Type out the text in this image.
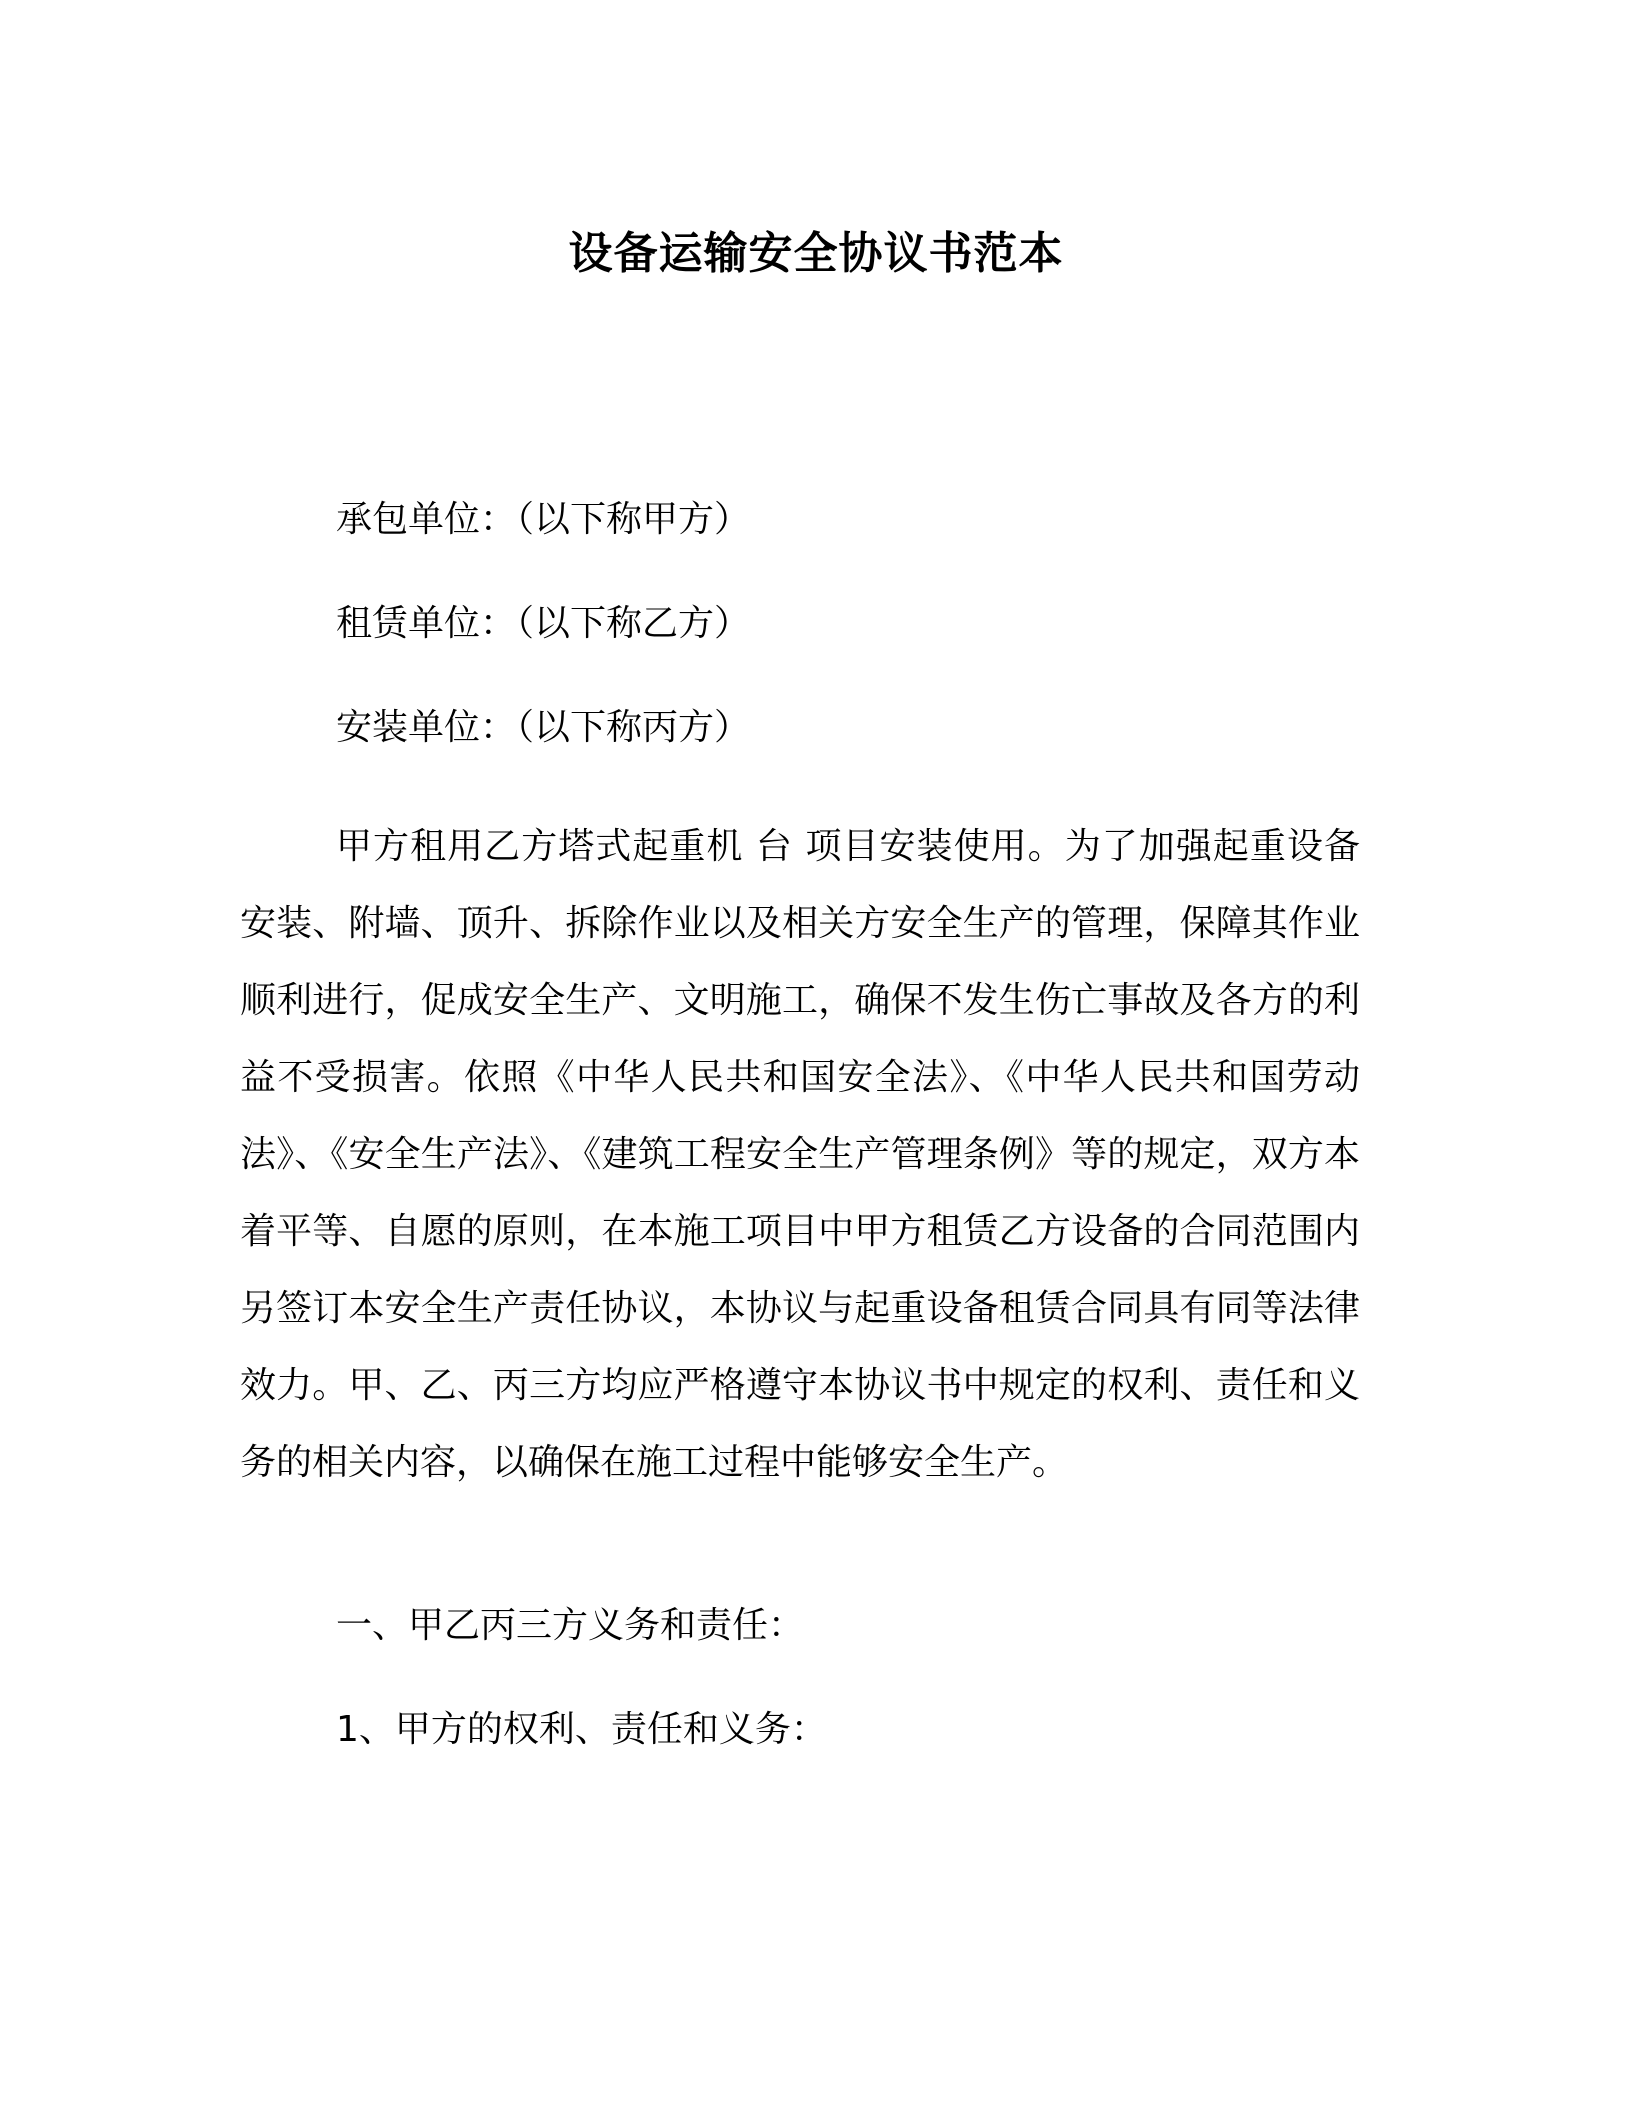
设备运输安全协议书范本

承包单位：（以下称甲方）

租赁单位：（以下称乙方）

安装单位：（以下称丙方）

甲方租用乙方塔式起重机 台 项目安装使用。为了加强起重设备安装、附墙、顶升、拆除作业以及相关方安全生产的管理，保障其作业顺利进行，促成安全生产、文明施工，确保不发生伤亡事故及各方的利益不受损害。依照《中华人民共和国安全法》、《中华人民共和国劳动法》、《安全生产法》、《建筑工程安全生产管理条例》等的规定，双方本着平等、自愿的原则，在本施工项目中甲方租赁乙方设备的合同范围内另签订本安全生产责任协议，本协议与起重设备租赁合同具有同等法律效力。甲、乙、丙三方均应严格遵守本协议书中规定的权利、责任和义务的相关内容，以确保在施工过程中能够安全生产。

一、甲乙丙三方义务和责任：

1、甲方的权利、责任和义务：
